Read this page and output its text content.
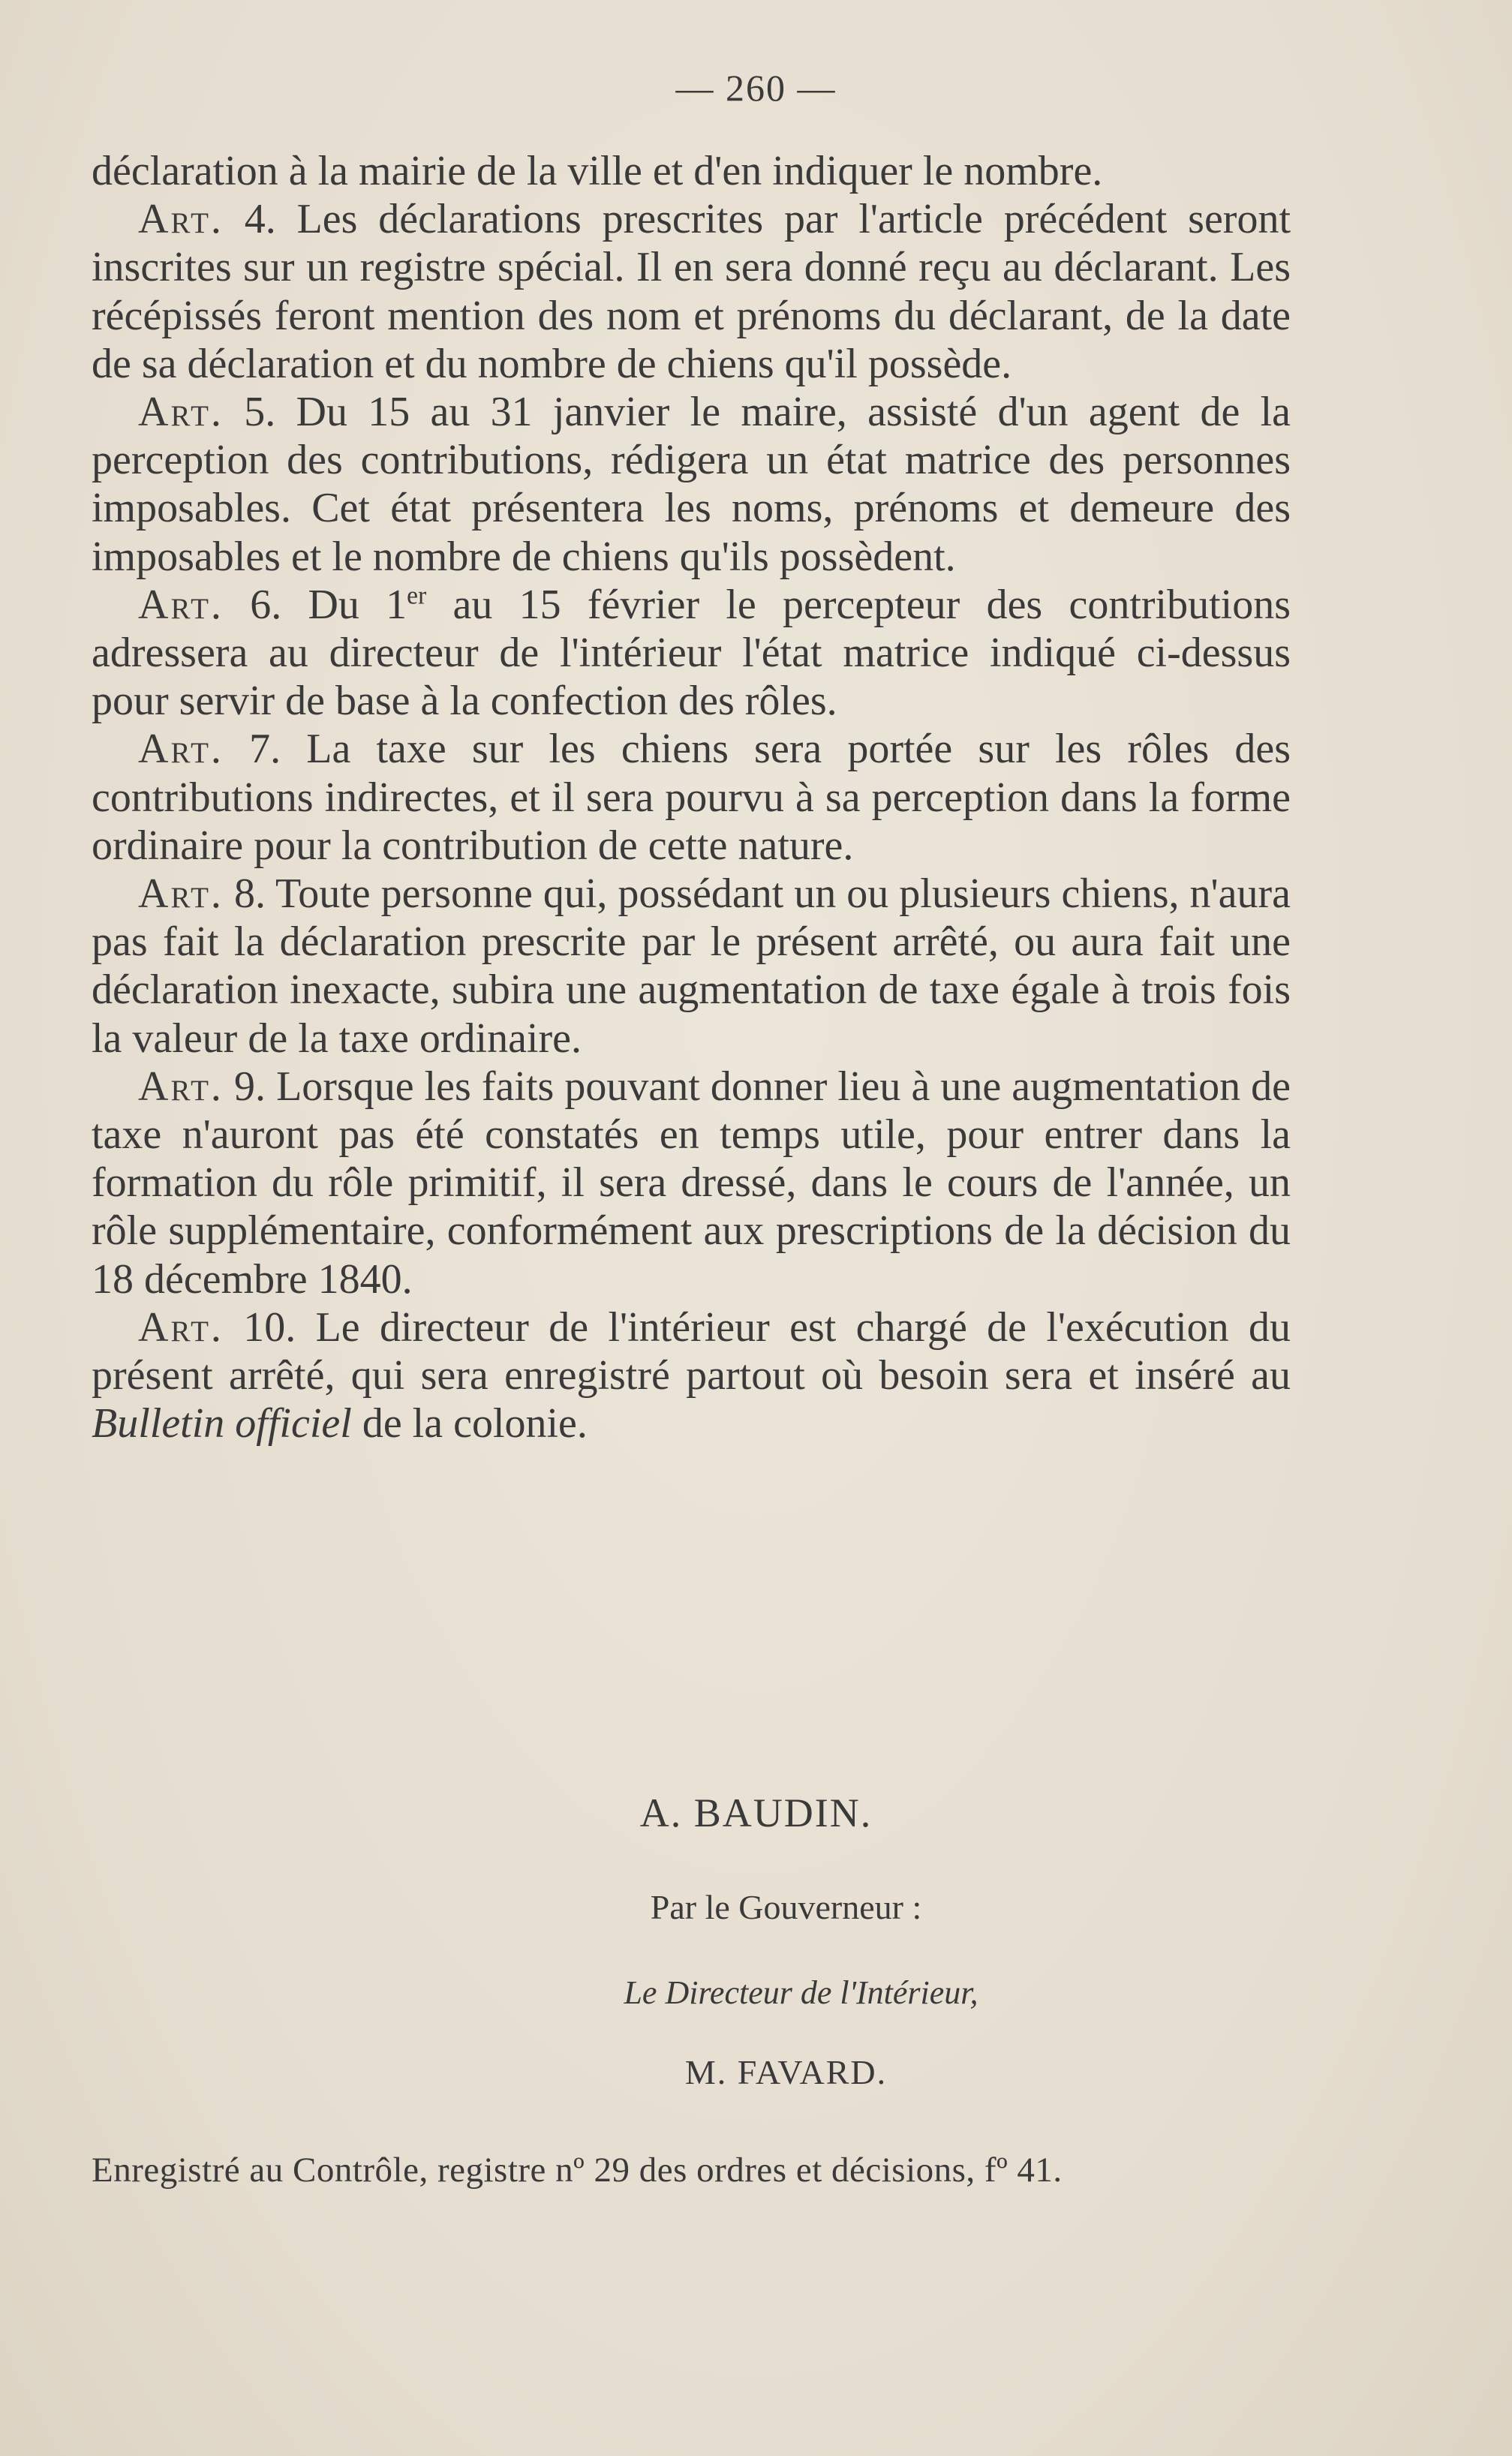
— 260 —

déclaration à la mairie de la ville et d'en indiquer le nombre.

Art. 4. Les déclarations prescrites par l'article précédent seront inscrites sur un registre spécial. Il en sera donné reçu au déclarant. Les récépissés feront mention des nom et prénoms du déclarant, de la date de sa déclaration et du nombre de chiens qu'il possède.

Art. 5. Du 15 au 31 janvier le maire, assisté d'un agent de la perception des contributions, rédigera un état matrice des personnes imposables. Cet état présentera les noms, prénoms et demeure des imposables et le nombre de chiens qu'ils possèdent.

Art. 6. Du 1er au 15 février le percepteur des contributions adressera au directeur de l'intérieur l'état matrice indiqué ci-dessus pour servir de base à la confection des rôles.

Art. 7. La taxe sur les chiens sera portée sur les rôles des contributions indirectes, et il sera pourvu à sa perception dans la forme ordinaire pour la contribution de cette nature.

Art. 8. Toute personne qui, possédant un ou plusieurs chiens, n'aura pas fait la déclaration prescrite par le présent arrêté, ou aura fait une déclaration inexacte, subira une augmentation de taxe égale à trois fois la valeur de la taxe ordinaire.

Art. 9. Lorsque les faits pouvant donner lieu à une augmentation de taxe n'auront pas été constatés en temps utile, pour entrer dans la formation du rôle primitif, il sera dressé, dans le cours de l'année, un rôle supplémentaire, conformément aux prescriptions de la décision du 18 décembre 1840.

Art. 10. Le directeur de l'intérieur est chargé de l'exécution du présent arrêté, qui sera enregistré partout où besoin sera et inséré au Bulletin officiel de la colonie.

A. BAUDIN.
Par le Gouverneur :
Le Directeur de l'Intérieur,
M. FAVARD.
Enregistré au Contrôle, registre nº 29 des ordres et décisions, fº 41.
